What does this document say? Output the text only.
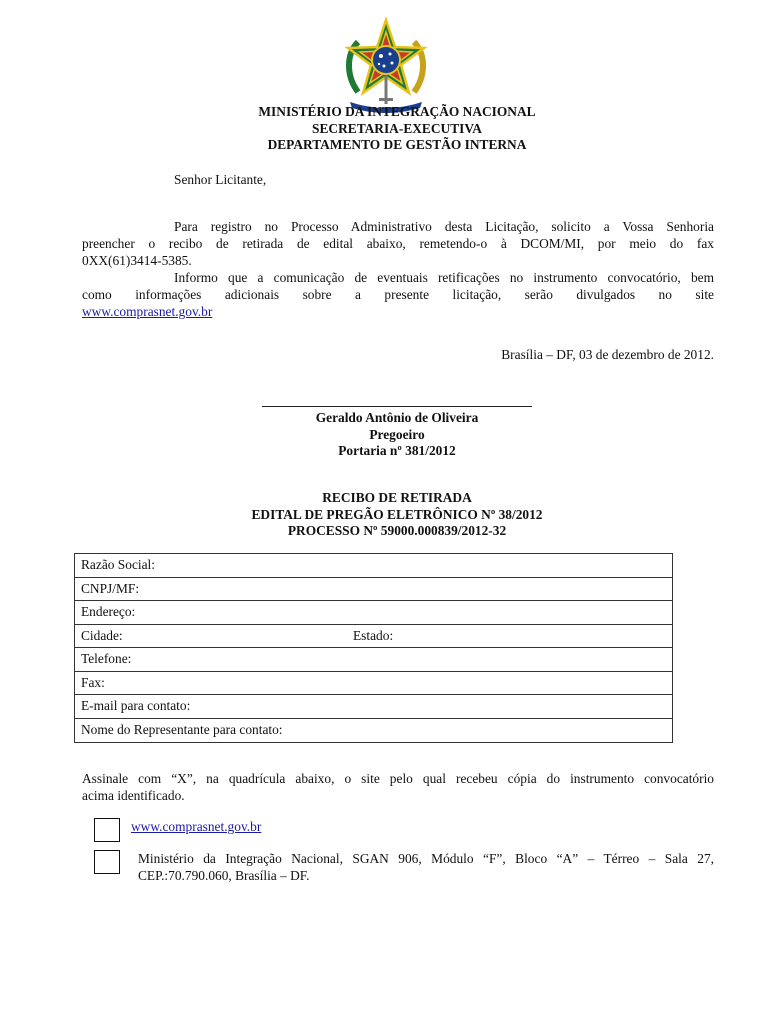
MINISTÉRIO DA INTEGRAÇÃO NACIONAL
SECRETARIA-EXECUTIVA
DEPARTAMENTO DE GESTÃO INTERNA
Senhor Licitante,
Para registro no Processo Administrativo desta Licitação, solicito a Vossa Senhoria
preencher o recibo de retirada de edital abaixo, remetendo-o à DCOM/MI, por meio do fax
0XX(61)3414-5385.
Informo que a comunicação de eventuais retificações no instrumento convocatório, bem
como informações adicionais sobre a presente licitação, serão divulgados no site
www.comprasnet.gov.br
Brasília – DF, 03 de dezembro de 2012.
Geraldo Antônio de Oliveira
Pregoeiro
Portaria nº 381/2012
RECIBO DE RETIRADA
EDITAL DE PREGÃO ELETRÔNICO Nº 38/2012
PROCESSO Nº 59000.000839/2012-32
Razão Social:
CNPJ/MF:
Endereço:
Cidade:	Estado:
Telefone:
Fax:
E-mail para contato:
Nome do Representante para contato:
Assinale com “X”, na quadrícula abaixo, o site pelo qual recebeu cópia do instrumento convocatório
acima identificado.
www.comprasnet.gov.br
Ministério da Integração Nacional, SGAN 906, Módulo “F”, Bloco “A” – Térreo – Sala 27,
CEP.:70.790.060, Brasília – DF.
